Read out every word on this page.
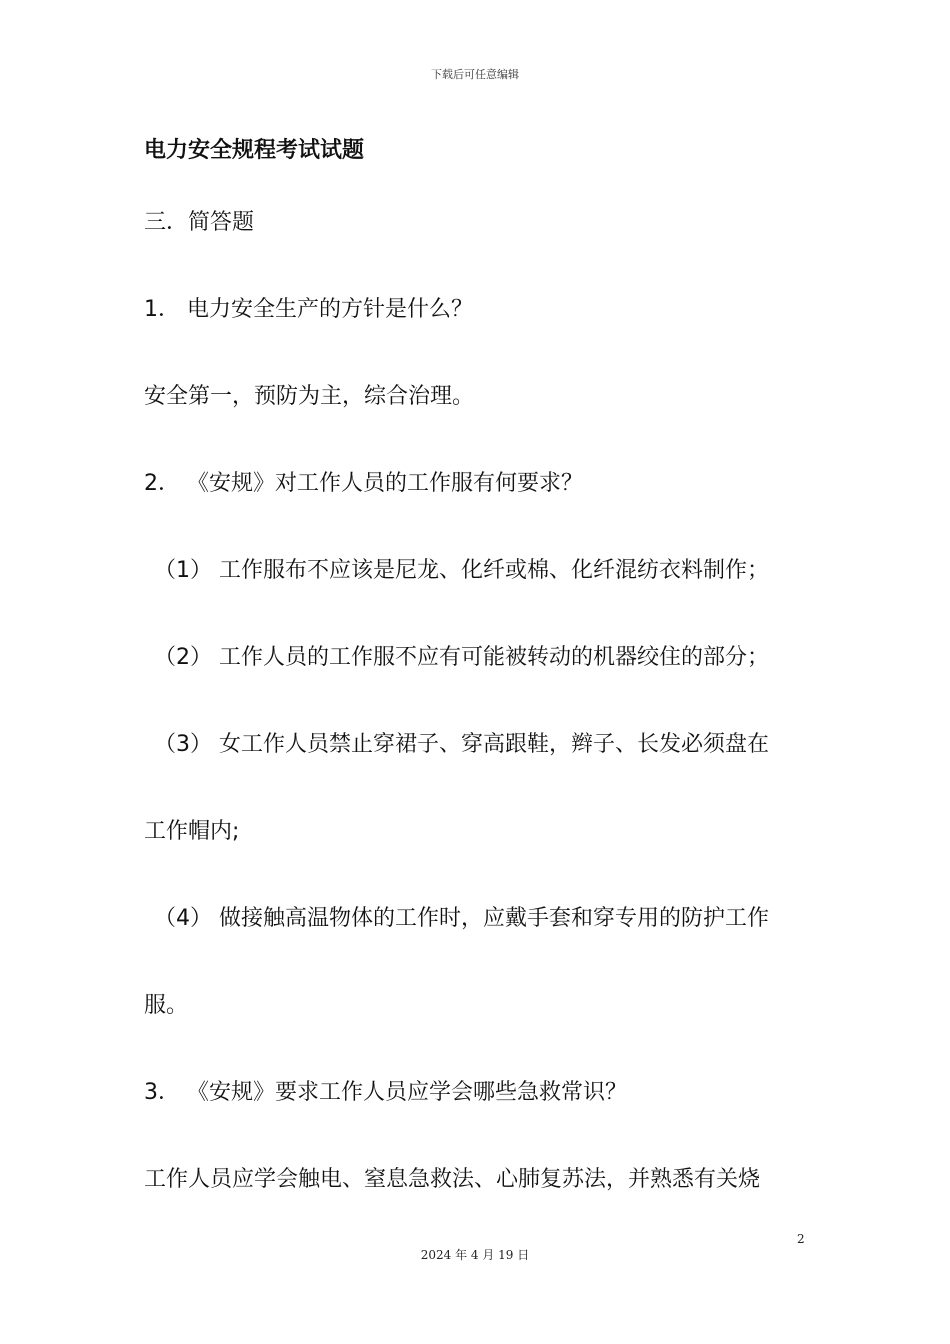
下载后可任意编辑
电力安全规程考试试题
三．简答题
1． 电力安全生产的方针是什么？
安全第一，预防为主，综合治理。
2． 《安规》对工作人员的工作服有何要求？
（1） 工作服布不应该是尼龙、化纤或棉、化纤混纺衣料制作；
（2） 工作人员的工作服不应有可能被转动的机器绞住的部分；
（3） 女工作人员禁止穿裙子、穿高跟鞋，辫子、长发必须盘在
工作帽内;
（4） 做接触高温物体的工作时，应戴手套和穿专用的防护工作
服。
3． 《安规》要求工作人员应学会哪些急救常识？
工作人员应学会触电、窒息急救法、心肺复苏法，并熟悉有关烧
2
2024 年 4 月 19 日
